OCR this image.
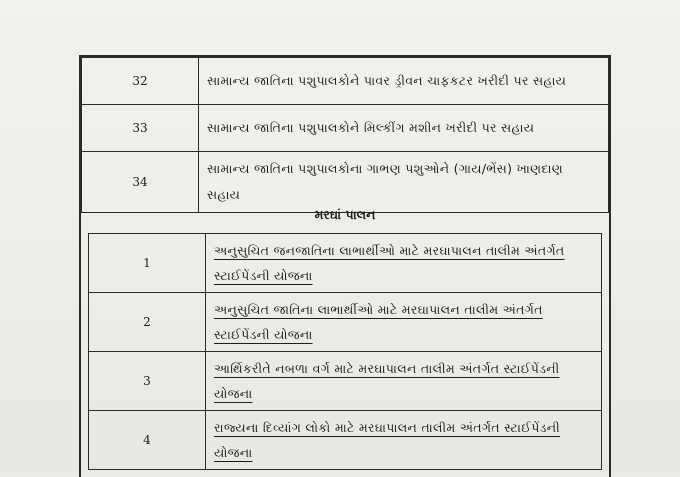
32	સામાન્ય જાતિના પશુપાલકોને પાવર ડ્રીવન ચાફકટર ખરીદી પર સહાય
33	સામાન્ય જાતિના પશુપાલકોને મિલ્કીંગ મશીન ખરીદી પર સહાય
34	સામાન્ય જાતિના પશુપાલકોના ગાભણ પશુઓને (ગાય/ભેંસ) ખાણદાણ સહાય
મરઘાં પાલન
1	અનુસુચિત જનજાતિના લાભાર્થીઓ માટે મરઘાપાલન તાલીમ અંતર્ગત સ્ટાઈપેંડની યોજના
2	અનુસુચિત જાતિના લાભાર્થીઓ માટે મરઘાપાલન તાલીમ અંતર્ગત સ્ટાઈપેંડની યોજના
3	આર્થિકરીતે નબળા વર્ગ માટે મરઘાપાલન તાલીમ અંતર્ગત સ્ટાઈપેંડની યોજના
4	રાજ્યના દિવ્યાંગ લોકો માટે મરઘાપાલન તાલીમ અંતર્ગત સ્ટાઈપેંડની યોજના
